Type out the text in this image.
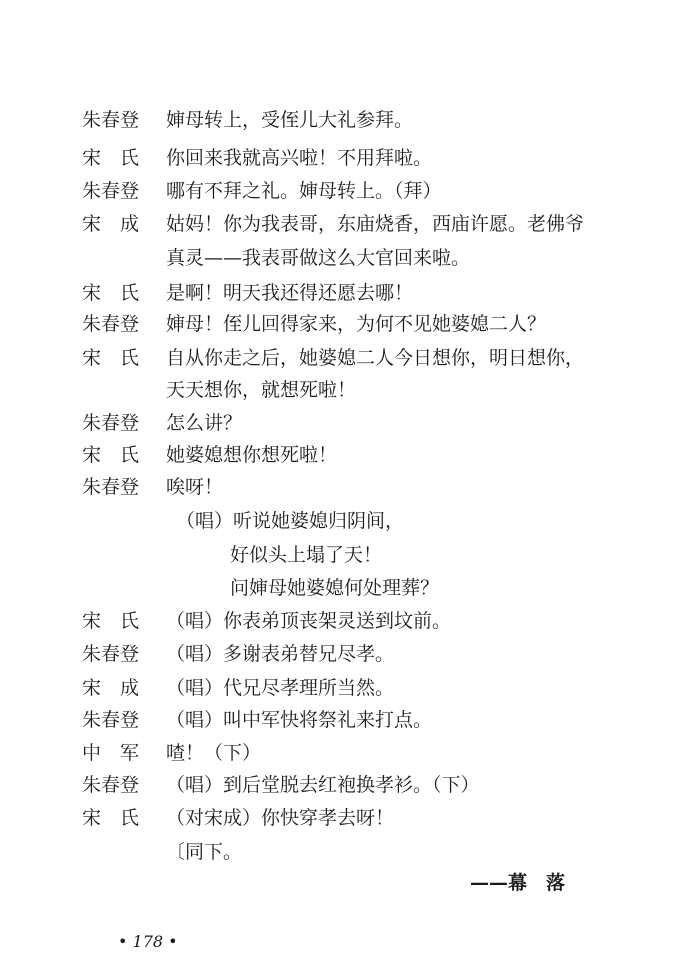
朱春登	婶母转上，受侄儿大礼参拜。
宋　氏	你回来我就高兴啦！不用拜啦。
朱春登	哪有不拜之礼。婶母转上。（拜）
宋　成	姑妈！你为我表哥，东庙烧香，西庙许愿。老佛爷
真灵——我表哥做这么大官回来啦。
宋　氏	是啊！明天我还得还愿去哪！
朱春登	婶母！侄儿回得家来，为何不见她婆媳二人？
宋　氏	自从你走之后，她婆媳二人今日想你，明日想你，
天天想你，就想死啦！
朱春登	怎么讲？
宋　氏	她婆媳想你想死啦！
朱春登	唉呀！
（唱）听说她婆媳归阴间，
好似头上塌了天！
问婶母她婆媳何处理葬？
宋　氏	（唱）你表弟顶丧架灵送到坟前。
朱春登	（唱）多谢表弟替兄尽孝。
宋　成	（唱）代兄尽孝理所当然。
朱春登	（唱）叫中军快将祭礼来打点。
中　军	喳！（下）
朱春登	（唱）到后堂脱去红袍换孝衫。（下）
宋　氏	（对宋成）你快穿孝去呀！
〔同下。
——幕　落
• 178 •
